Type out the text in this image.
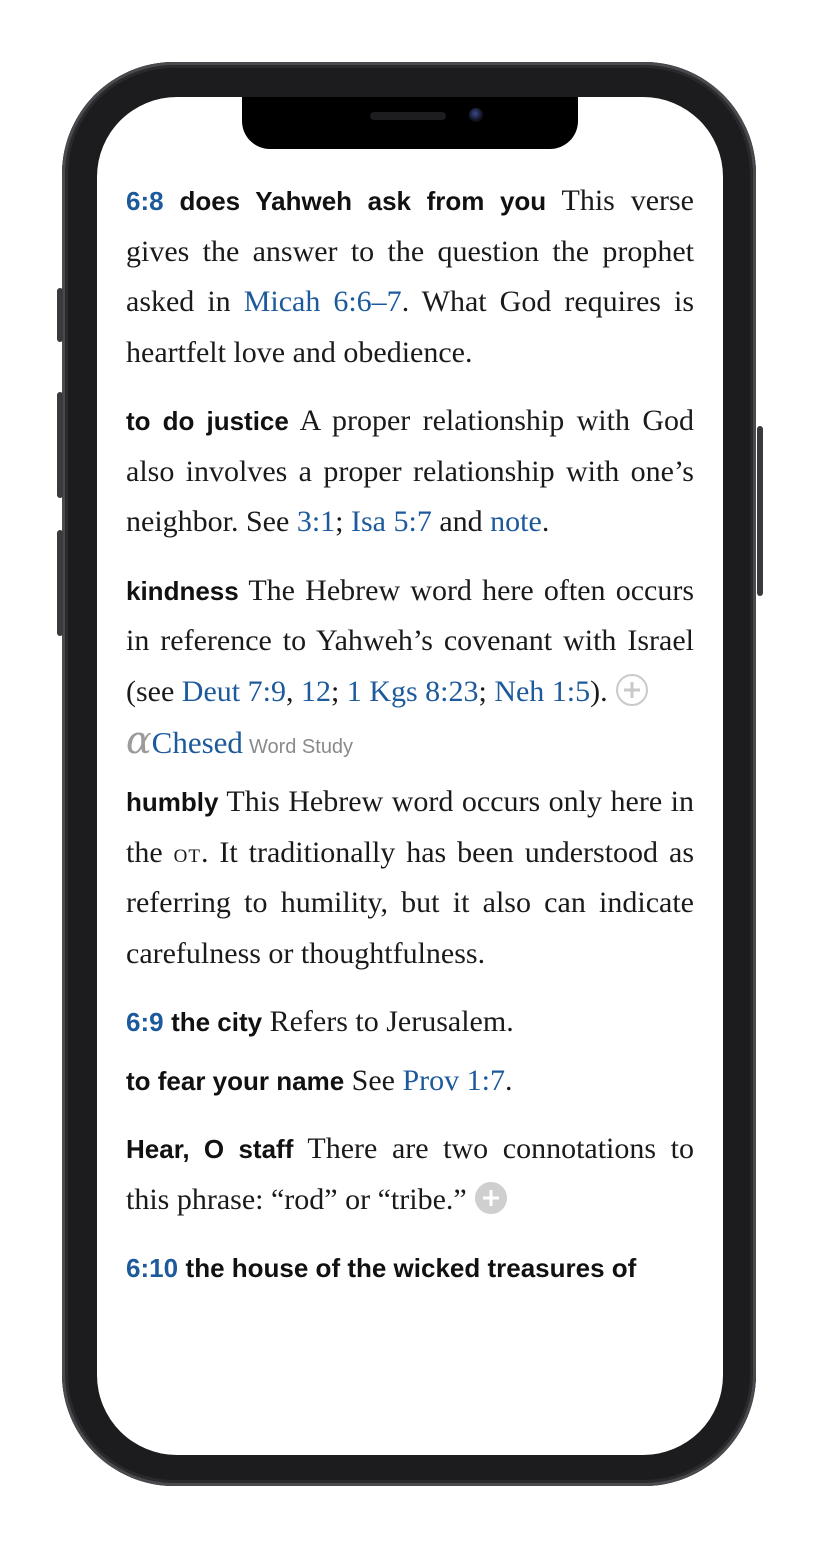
6:8 does Yahweh ask from you This verse gives the answer to the question the prophet asked in Micah 6:6–7. What God requires is heartfelt love and obedience.

to do justice A proper relationship with God also involves a proper relationship with one’s neighbor. See 3:1; Isa 5:7 and note.

kindness The Hebrew word here often occurs in reference to Yahweh’s covenant with Israel (see Deut 7:9, 12; 1 Kgs 8:23; Neh 1:5).

α Chesed Word Study

humbly This Hebrew word occurs only here in the ot. It traditionally has been understood as referring to humility, but it also can indicate carefulness or thoughtfulness.

6:9 the city Refers to Jerusalem.

to fear your name See Prov 1:7.

Hear, O staff There are two connotations to this phrase: “rod” or “tribe.”

6:10 the house of the wicked treasures of
